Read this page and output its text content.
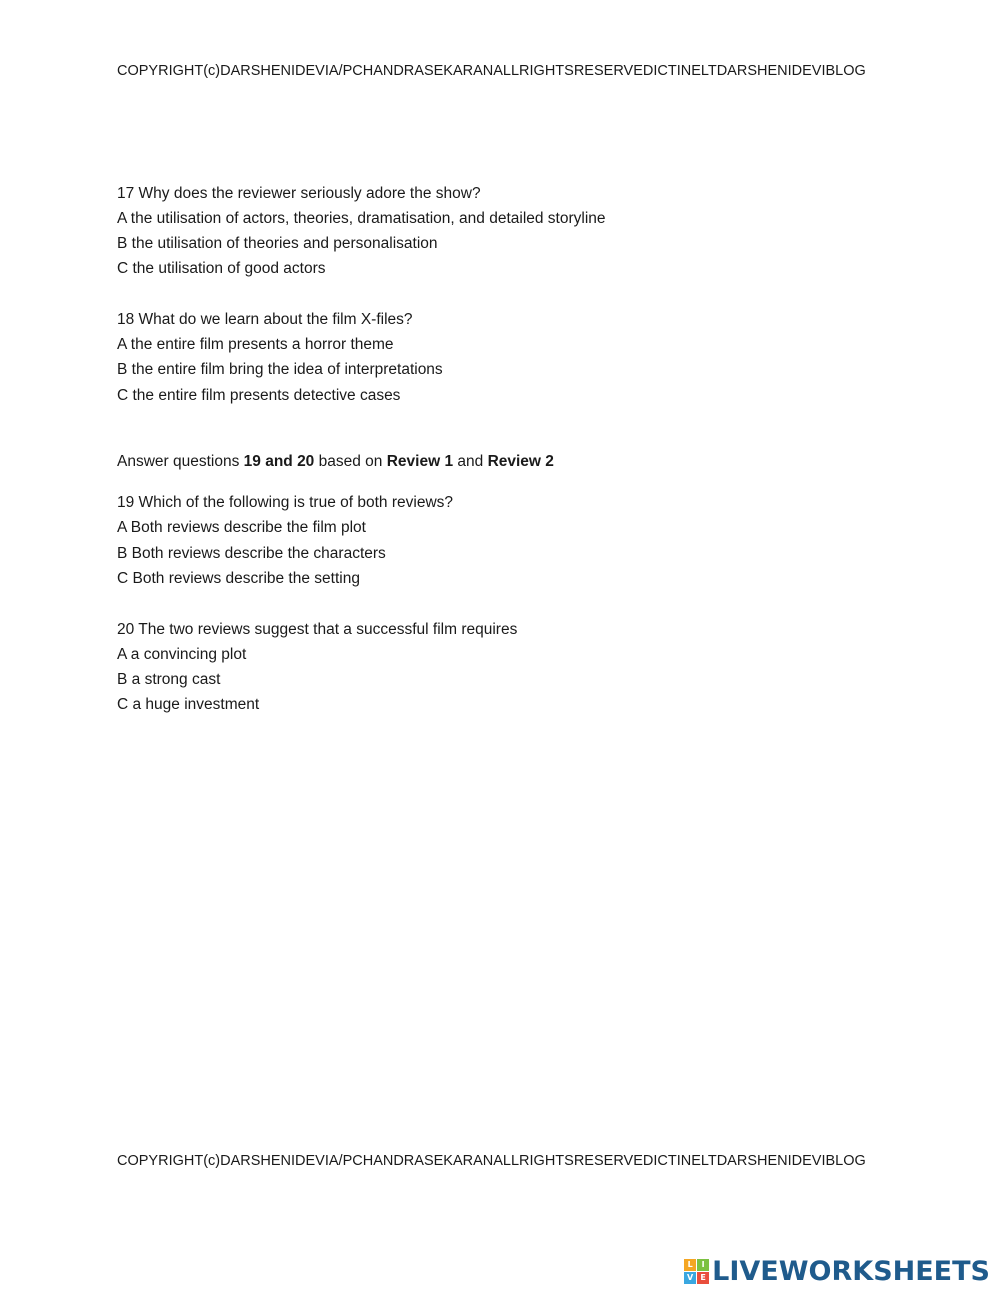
COPYRIGHT(c)DARSHENIDEVIA/PCHANDRASEKARANALLRIGHTSRESERVEDICTINELTDARSHENIDEVIBLOG
17 Why does the reviewer seriously adore the show?
A the utilisation of actors, theories, dramatisation, and detailed storyline
B the utilisation of theories and personalisation
C the utilisation of good actors
18 What do we learn about the film X-files?
A the entire film presents a horror theme
B the entire film bring the idea of interpretations
C the entire film presents detective cases
Answer questions 19 and 20 based on Review 1 and Review 2
19 Which of the following is true of both reviews?
A Both reviews describe the film plot
B Both reviews describe the characters
C Both reviews describe the setting
20 The two reviews suggest that a successful film requires
A a convincing plot
B a strong cast
C a huge investment
COPYRIGHT(c)DARSHENIDEVIA/PCHANDRASEKARANALLRIGHTSRESERVEDICTINELTDARSHENIDEVIBLOG
L	I
V E LIVEWORKSHEETS
